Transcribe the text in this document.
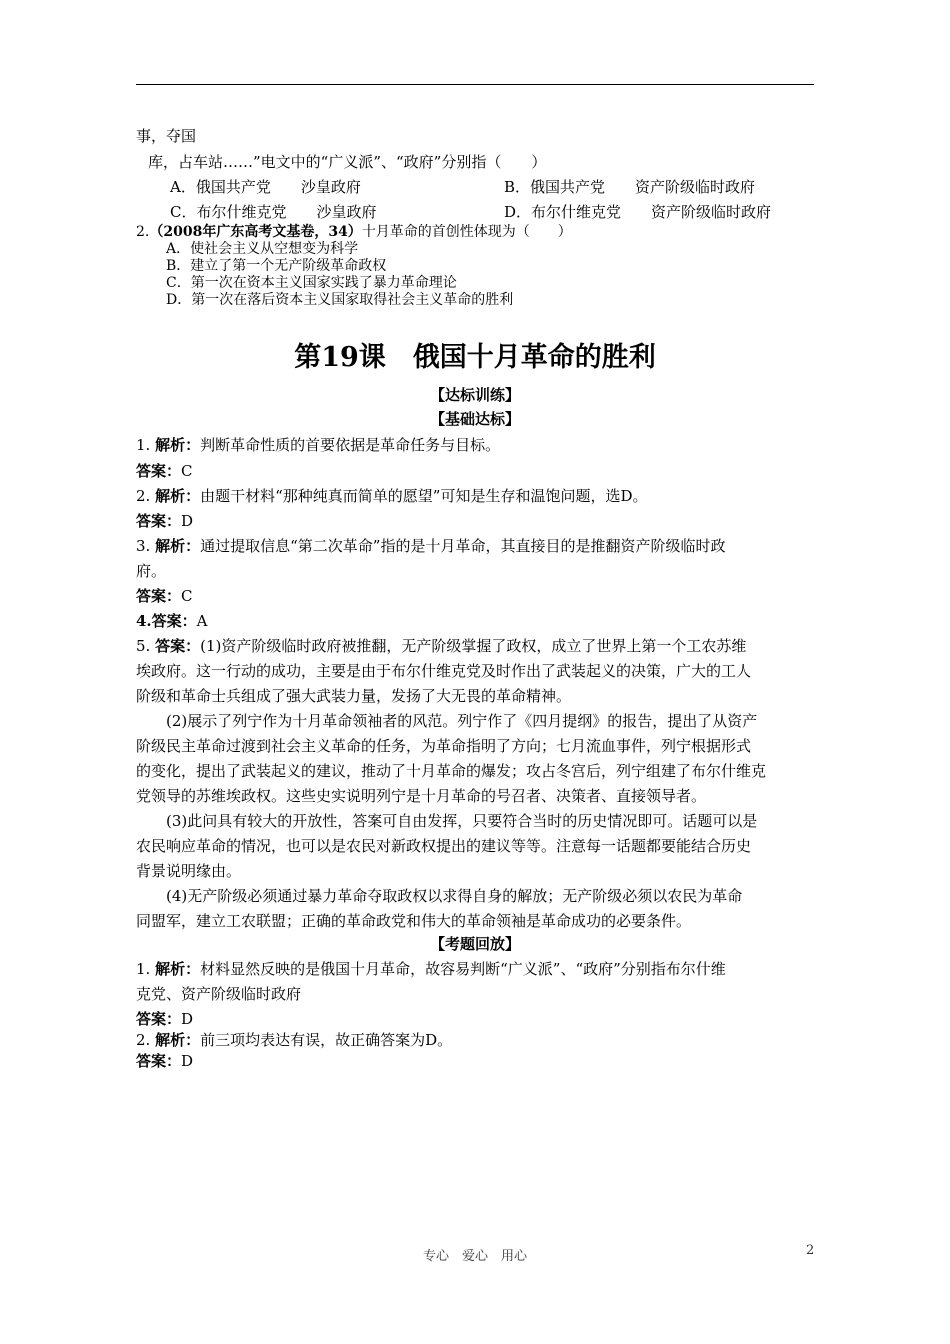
事，夺国
库，占车站……”电文中的“广义派”、“政府”分别指（　　）
A．俄国共产党　　沙皇政府	B．俄国共产党　　资产阶级临时政府
C．布尔什维克党　　沙皇政府	D．布尔什维克党　　资产阶级临时政府
2.（2008年广东高考文基卷，34）十月革命的首创性体现为（　　）
A．使社会主义从空想变为科学
B．建立了第一个无产阶级革命政权
C．第一次在资本主义国家实践了暴力革命理论
D．第一次在落后资本主义国家取得社会主义革命的胜利
第19课　俄国十月革命的胜利
【达标训练】
【基础达标】
1. 解析：判断革命性质的首要依据是革命任务与目标。
答案：C
2. 解析：由题干材料“那种纯真而简单的愿望”可知是生存和温饱问题，选D。
答案：D
3. 解析：通过提取信息“第二次革命”指的是十月革命，其直接目的是推翻资产阶级临时政
府。
答案：C
4.答案：A
5. 答案：(1)资产阶级临时政府被推翻，无产阶级掌握了政权，成立了世界上第一个工农苏维
埃政府。这一行动的成功，主要是由于布尔什维克党及时作出了武装起义的决策，广大的工人
阶级和革命士兵组成了强大武装力量，发扬了大无畏的革命精神。
(2)展示了列宁作为十月革命领袖者的风范。列宁作了《四月提纲》的报告，提出了从资产
阶级民主革命过渡到社会主义革命的任务，为革命指明了方向；七月流血事件，列宁根据形式
的变化，提出了武装起义的建议，推动了十月革命的爆发；攻占冬宫后，列宁组建了布尔什维克
党领导的苏维埃政权。这些史实说明列宁是十月革命的号召者、决策者、直接领导者。
(3)此问具有较大的开放性，答案可自由发挥，只要符合当时的历史情况即可。话题可以是
农民响应革命的情况，也可以是农民对新政权提出的建议等等。注意每一话题都要能结合历史
背景说明缘由。
(4)无产阶级必须通过暴力革命夺取政权以求得自身的解放；无产阶级必须以农民为革命
同盟军，建立工农联盟；正确的革命政党和伟大的革命领袖是革命成功的必要条件。
【考题回放】
1. 解析：材料显然反映的是俄国十月革命，故容易判断“广义派”、“政府”分别指布尔什维
克党、资产阶级临时政府
答案：D
2. 解析：前三项均表达有误，故正确答案为D。
答案：D
专心　爱心　用心	2
